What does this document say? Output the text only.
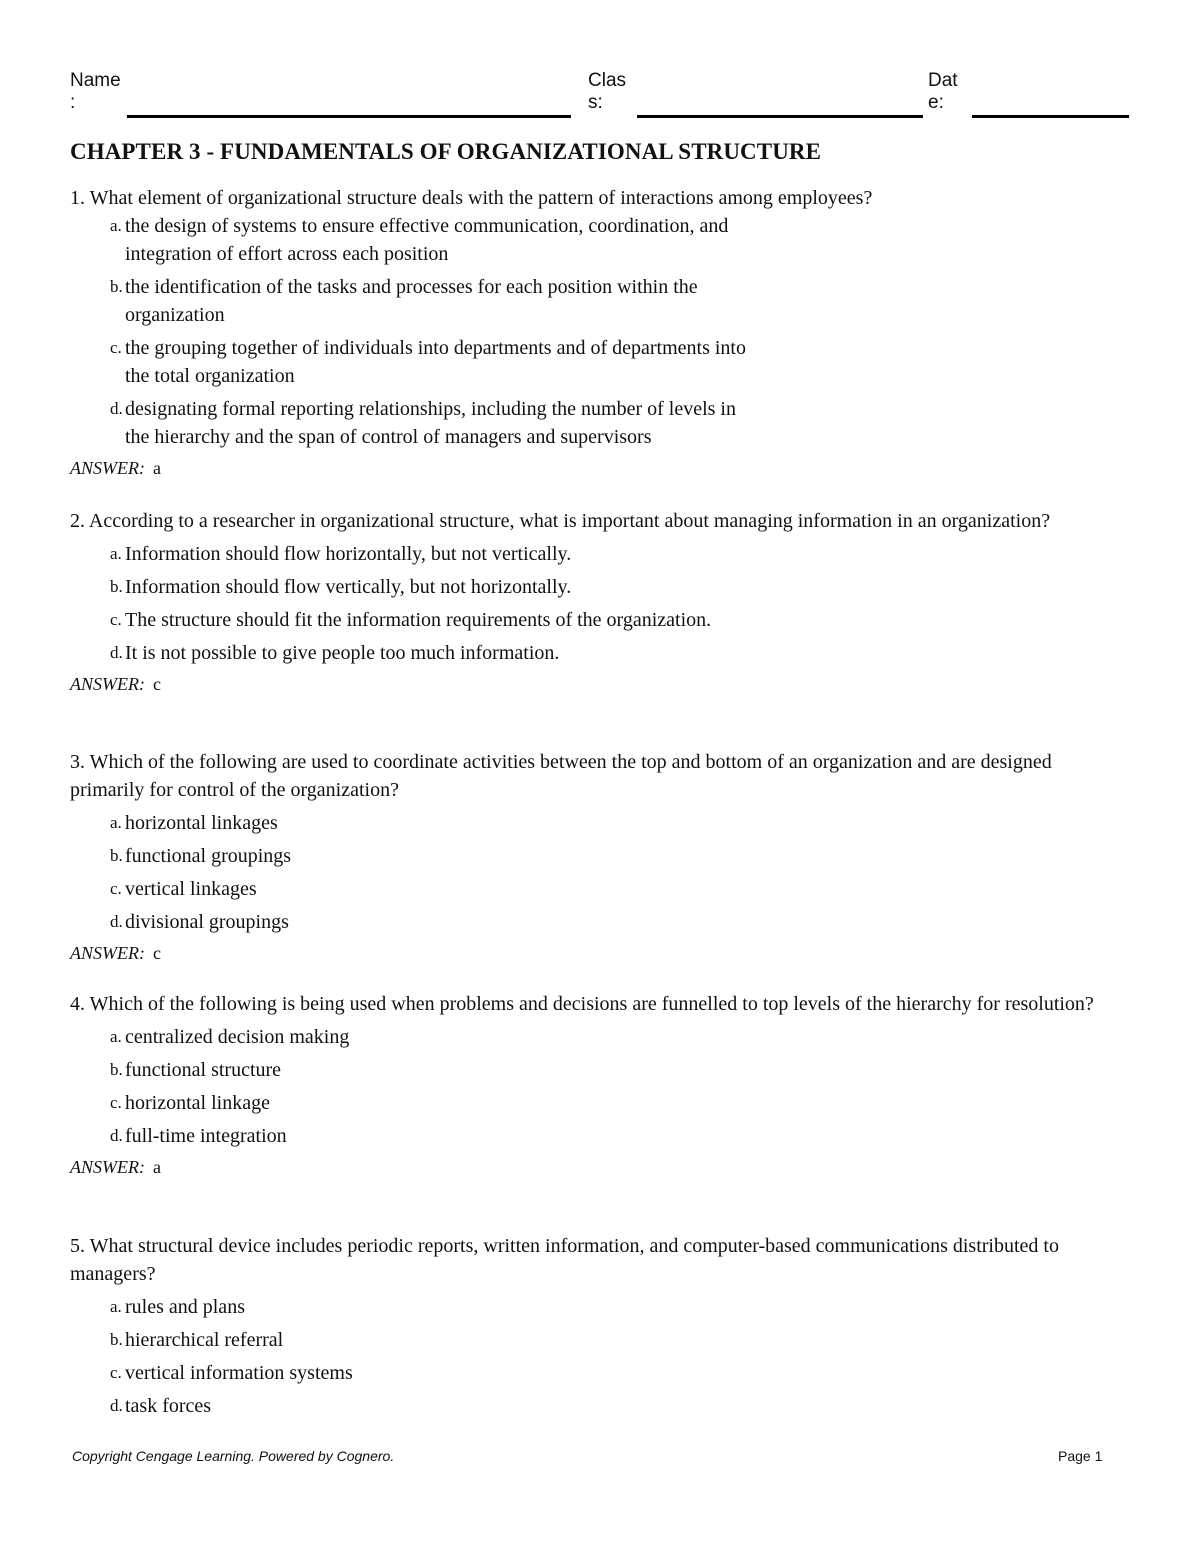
Name
:
Clas
s:
Dat
e:
CHAPTER 3 - FUNDAMENTALS OF ORGANIZATIONAL STRUCTURE

1. What element of organizational structure deals with the pattern of interactions among employees?

a. the design of systems to ensure effective communication, coordination, and
integration of effort across each position
b. the identification of the tasks and processes for each position within the
organization
c. the grouping together of individuals into departments and of departments into
the total organization
d. designating formal reporting relationships, including the number of levels in
the hierarchy and the span of control of managers and supervisors
ANSWER: a

2. According to a researcher in organizational structure, what is important about managing information in an organization?

a. Information should flow horizontally, but not vertically.
b. Information should flow vertically, but not horizontally.
c. The structure should fit the information requirements of the organization.
d. It is not possible to give people too much information.
ANSWER: c

3. Which of the following are used to coordinate activities between the top and bottom of an organization and are designed primarily for control of the organization?

a. horizontal linkages
b. functional groupings
c. vertical linkages
d. divisional groupings
ANSWER: c

4. Which of the following is being used when problems and decisions are funnelled to top levels of the hierarchy for resolution?

a. centralized decision making
b. functional structure
c. horizontal linkage
d. full-time integration
ANSWER: a

5. What structural device includes periodic reports, written information, and computer-based communications distributed to managers?

a. rules and plans
b. hierarchical referral
c. vertical information systems
d. task forces
Copyright Cengage Learning. Powered by Cognero.	Page 1
